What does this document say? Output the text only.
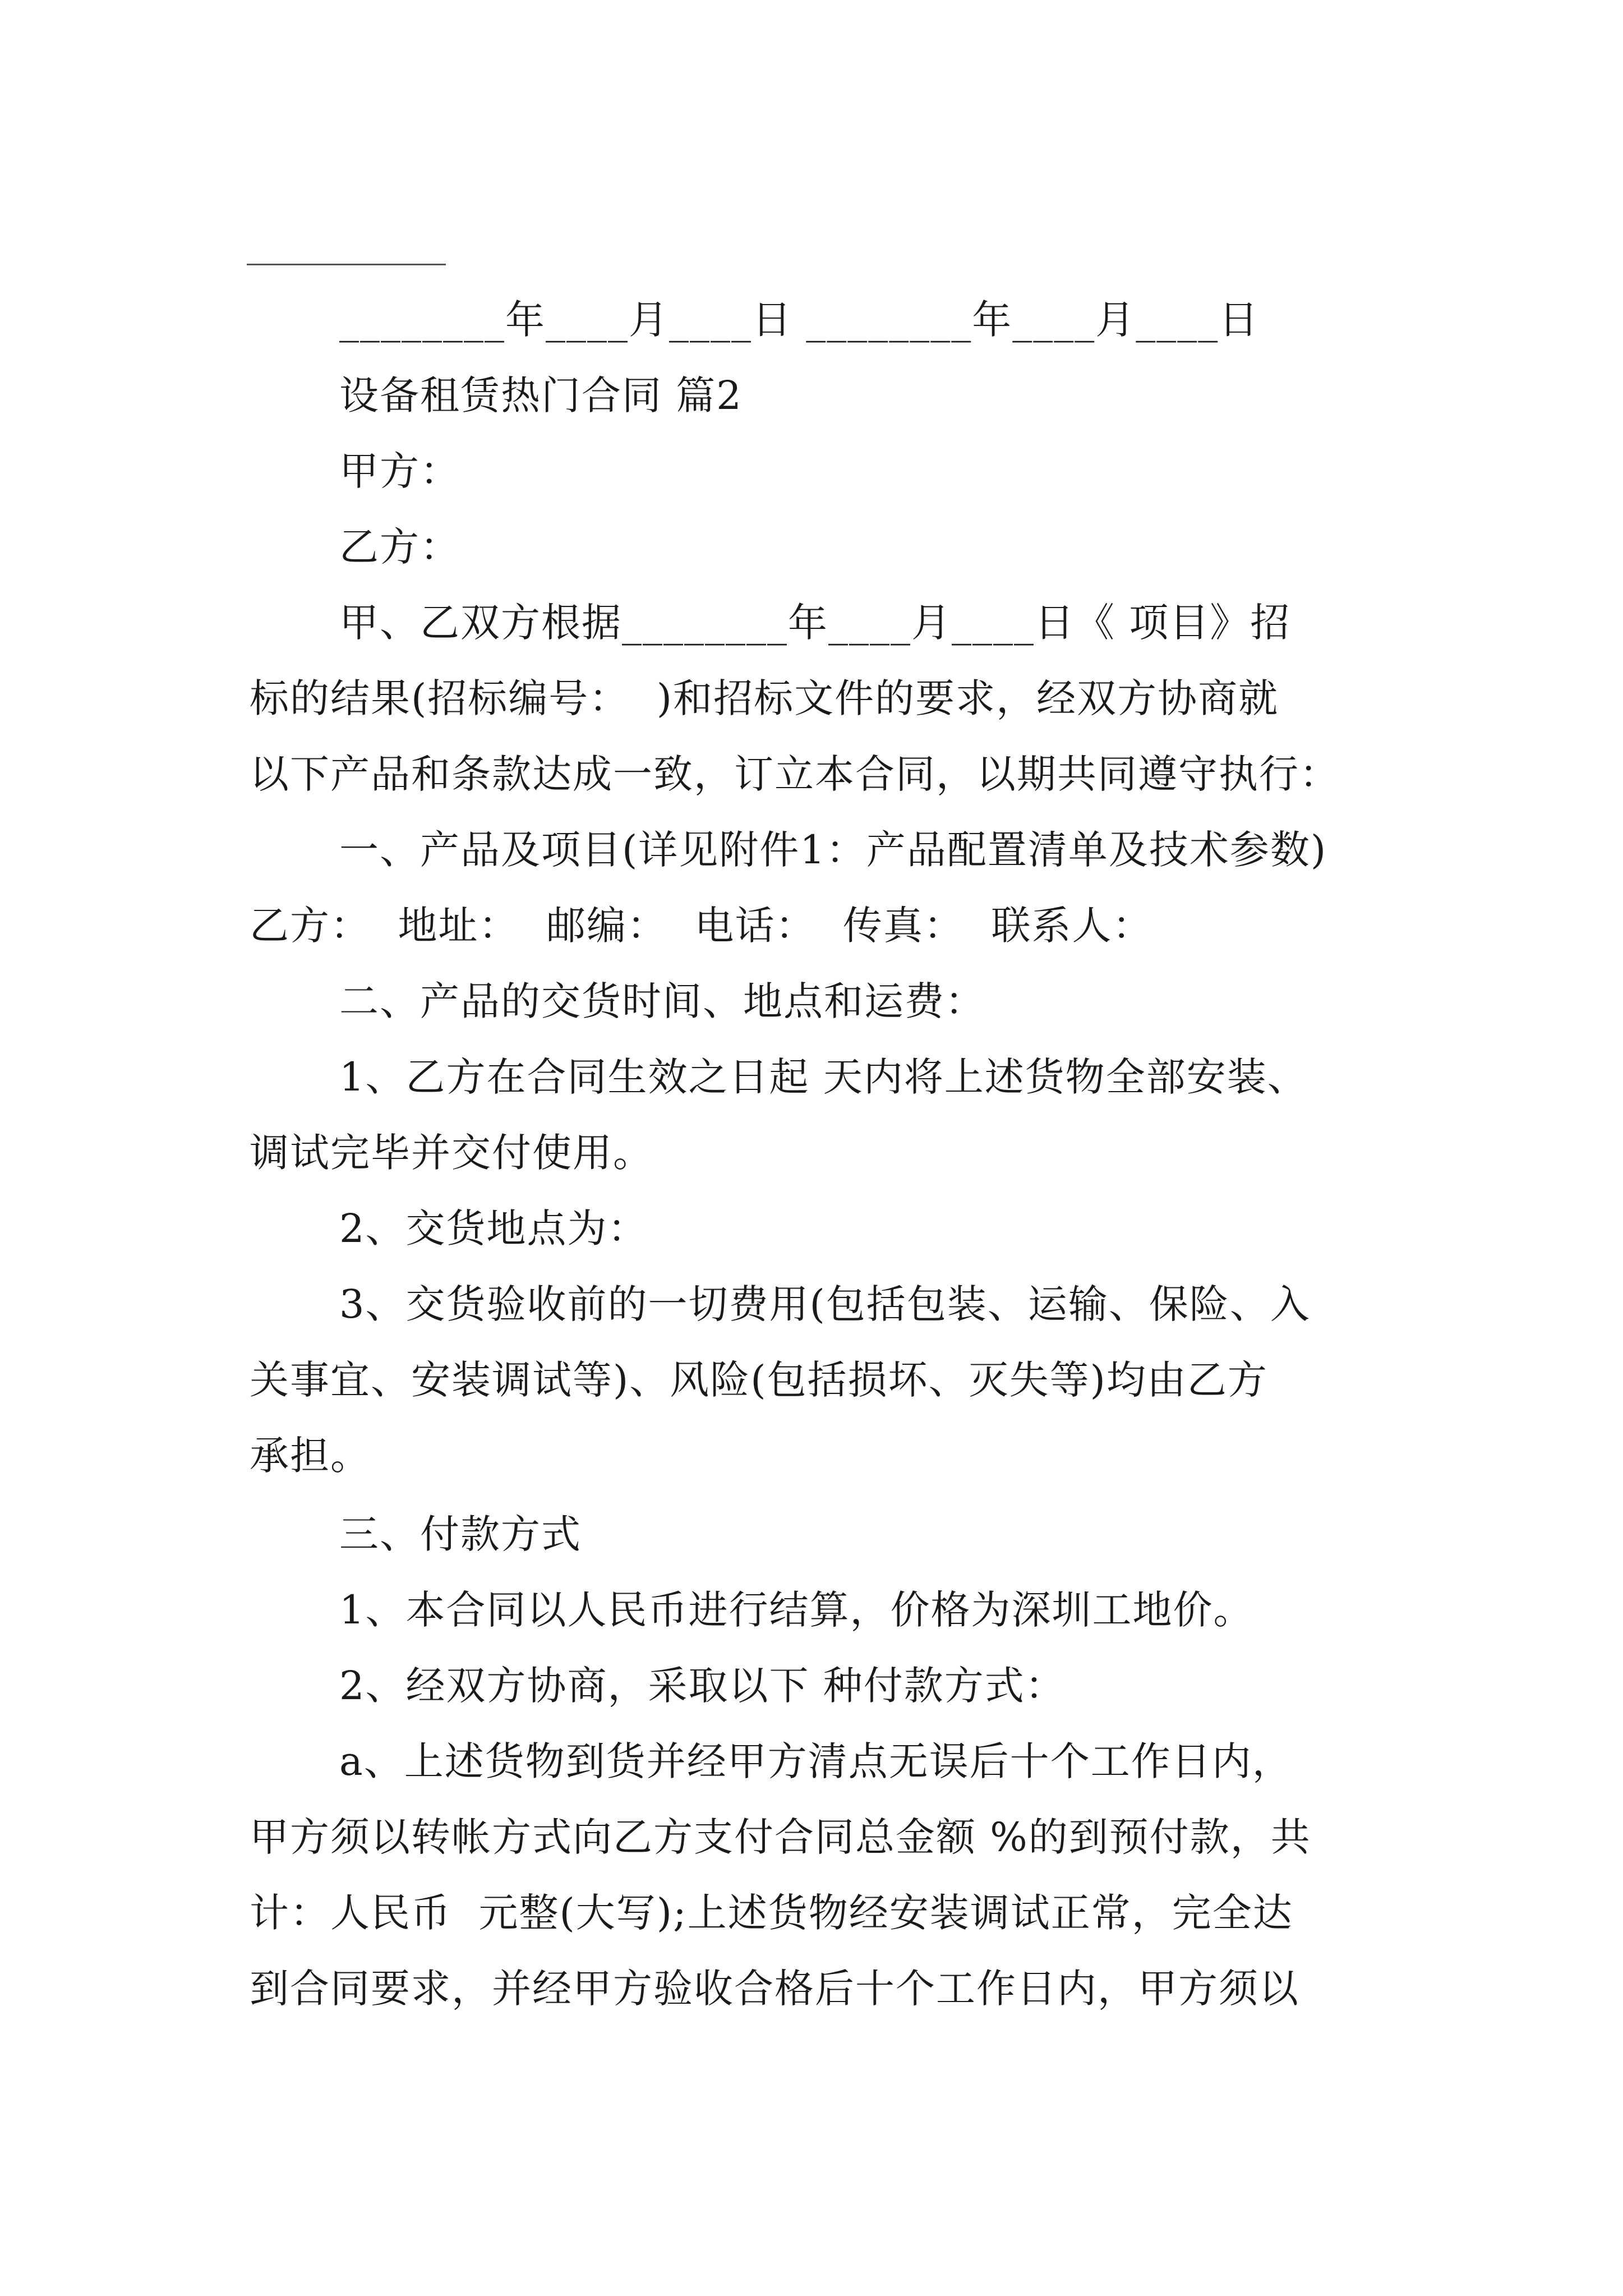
________年____月____日 ________年____月____日
设备租赁热门合同 篇2
甲方：
乙方：
甲、乙双方根据________年____月____日《 项目》招
标的结果(招标编号：  )和招标文件的要求，经双方协商就
以下产品和条款达成一致，订立本合同，以期共同遵守执行：
一、产品及项目(详见附件1：产品配置清单及技术参数)
乙方：  地址：  邮编：  电话：  传真：  联系人：
二、产品的交货时间、地点和运费：
1、乙方在合同生效之日起 天内将上述货物全部安装、
调试完毕并交付使用。
2、交货地点为：
3、交货验收前的一切费用(包括包装、运输、保险、入
关事宜、安装调试等)、风险(包括损坏、灭失等)均由乙方
承担。
三、付款方式
1、本合同以人民币进行结算，价格为深圳工地价。
2、经双方协商，采取以下 种付款方式：
a、上述货物到货并经甲方清点无误后十个工作日内，
甲方须以转帐方式向乙方支付合同总金额 %的到预付款，共
计：人民币  元整(大写);上述货物经安装调试正常，完全达
到合同要求，并经甲方验收合格后十个工作日内，甲方须以
